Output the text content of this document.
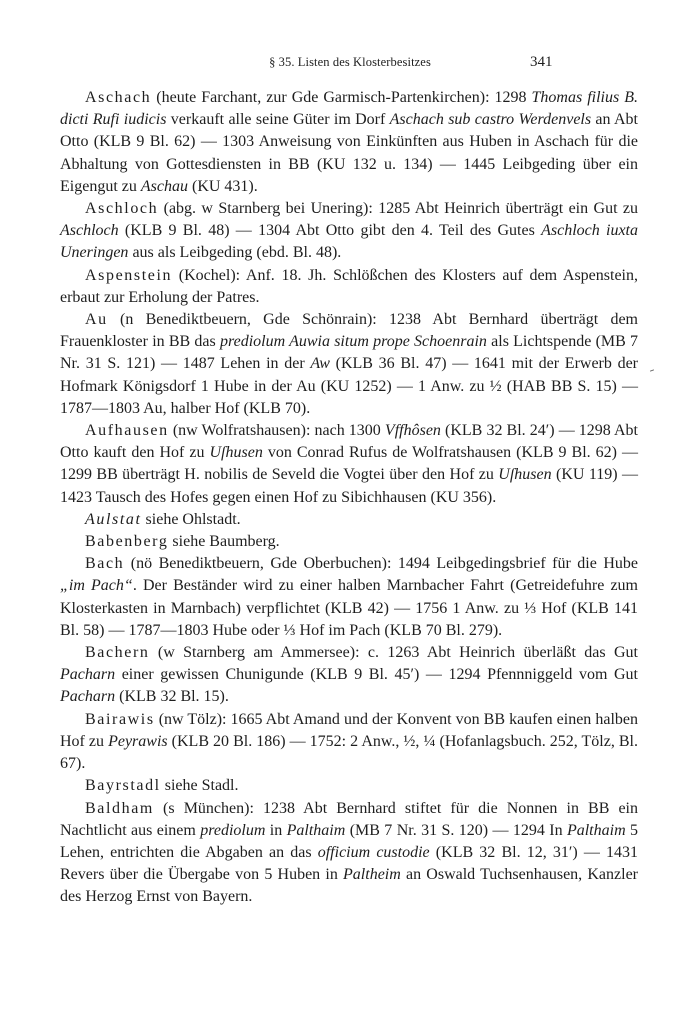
§ 35. Listen des Klosterbesitzes	341

Aschach (heute Farchant, zur Gde Garmisch-Partenkirchen): 1298 Thomas filius B. dicti Rufi iudicis verkauft alle seine Güter im Dorf Aschach sub castro Werdenvels an Abt Otto (KLB 9 Bl. 62) — 1303 Anweisung von Einkünften aus Huben in Aschach für die Abhaltung von Gottesdiensten in BB (KU 132 u. 134) — 1445 Leibgeding über ein Eigengut zu Aschau (KU 431).

Aschloch (abg. w Starnberg bei Unering): 1285 Abt Heinrich überträgt ein Gut zu Aschloch (KLB 9 Bl. 48) — 1304 Abt Otto gibt den 4. Teil des Gutes Aschloch iuxta Uneringen aus als Leibgeding (ebd. Bl. 48).

Aspenstein (Kochel): Anf. 18. Jh. Schlößchen des Klosters auf dem Aspenstein, erbaut zur Erholung der Patres.

Au (n Benediktbeuern, Gde Schönrain): 1238 Abt Bernhard überträgt dem Frauenkloster in BB das prediolum Auwia situm prope Schoenrain als Lichtspende (MB 7 Nr. 31 S. 121) — 1487 Lehen in der Aw (KLB 36 Bl. 47) — 1641 mit der Erwerb der Hofmark Königsdorf 1 Hube in der Au (KU 1252) — 1 Anw. zu ½ (HAB BB S. 15) — 1787—1803 Au, halber Hof (KLB 70).

Aufhausen (nw Wolfratshausen): nach 1300 Vffhôsen (KLB 32 Bl. 24′) — 1298 Abt Otto kauft den Hof zu Uſhusen von Conrad Rufus de Wolfratshausen (KLB 9 Bl. 62) — 1299 BB überträgt H. nobilis de Seveld die Vogtei über den Hof zu Uſhusen (KU 119) — 1423 Tausch des Hofes gegen einen Hof zu Sibichhausen (KU 356).

Aulstat siehe Ohlstadt.

Babenberg siehe Baumberg.

Bach (nö Benediktbeuern, Gde Oberbuchen): 1494 Leibgedingsbrief für die Hube „im Pach“. Der Beständer wird zu einer halben Marnbacher Fahrt (Getreidefuhre zum Klosterkasten in Marnbach) verpflichtet (KLB 42) — 1756 1 Anw. zu ⅓ Hof (KLB 141 Bl. 58) — 1787—1803 Hube oder ⅓ Hof im Pach (KLB 70 Bl. 279).

Bachern (w Starnberg am Ammersee): c. 1263 Abt Heinrich überläßt das Gut Pacharn einer gewissen Chunigunde (KLB 9 Bl. 45′) — 1294 Pfennniggeld vom Gut Pacharn (KLB 32 Bl. 15).

Bairawis (nw Tölz): 1665 Abt Amand und der Konvent von BB kaufen einen halben Hof zu Peyrawis (KLB 20 Bl. 186) — 1752: 2 Anw., ½, ¼ (Hofanlagsbuch. 252, Tölz, Bl. 67).

Bayrstadl siehe Stadl.

Baldham (s München): 1238 Abt Bernhard stiftet für die Nonnen in BB ein Nachtlicht aus einem prediolum in Palthaim (MB 7 Nr. 31 S. 120) — 1294 In Palthaim 5 Lehen, entrichten die Abgaben an das officium custodie (KLB 32 Bl. 12, 31′) — 1431 Revers über die Übergabe von 5 Huben in Paltheim an Oswald Tuchsenhausen, Kanzler des Herzog Ernst von Bayern.
